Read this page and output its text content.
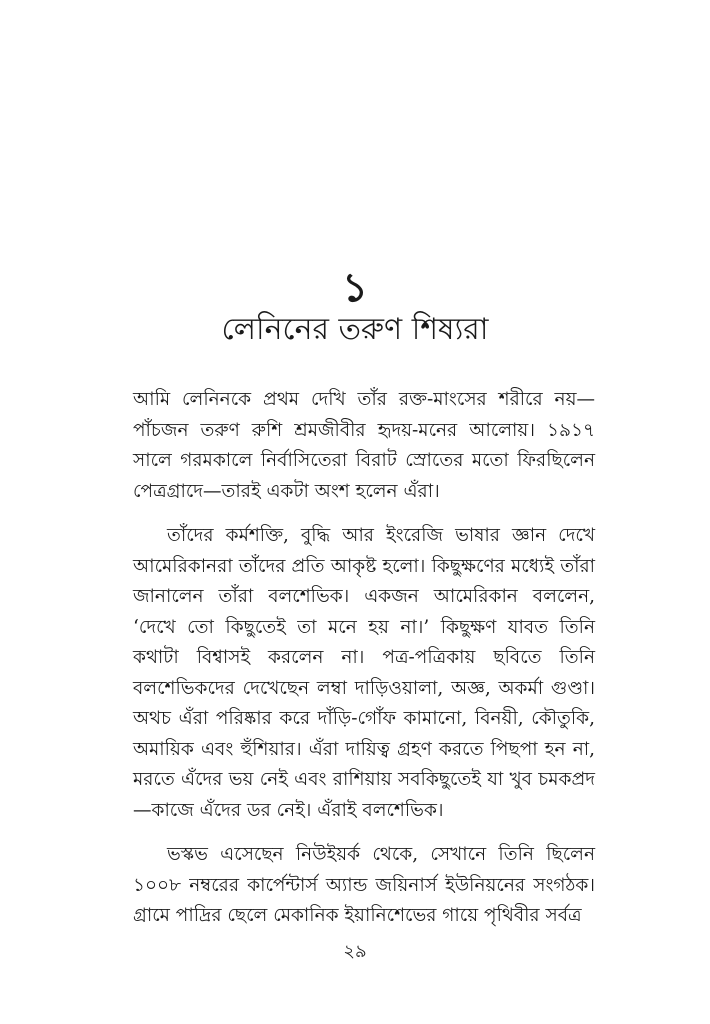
১
লেনিনের তরুণ শিষ্যরা

আমি লেনিনকে প্রথম দেখি তাঁর রক্ত-মাংসের শরীরে নয়—পাঁচজন তরুণ রুশি শ্রমজীবীর হৃদয়-মনের আলোয়। ১৯১৭ সালে গরমকালে নির্বাসিতেরা বিরাট স্রোতের মতো ফিরছিলেন পেত্রগ্রাদে—তারই একটা অংশ হলেন এঁরা।

তাঁদের কর্মশক্তি, বুদ্ধি আর ইংরেজি ভাষার জ্ঞান দেখে আমেরিকানরা তাঁদের প্রতি আকৃষ্ট হলো। কিছুক্ষণের মধ্যেই তাঁরা জানালেন তাঁরা বলশেভিক। একজন আমেরিকান বললেন, ‘দেখে তো কিছুতেই তা মনে হয় না।’ কিছুক্ষণ যাবত তিনি কথাটা বিশ্বাসই করলেন না। পত্র-পত্রিকায় ছবিতে তিনি বলশেভিকদের দেখেছেন লম্বা দাড়িওয়ালা, অজ্ঞ, অকর্মা গুণ্ডা। অথচ এঁরা পরিষ্কার করে দাঁড়ি-গোঁফ কামানো, বিনয়ী, কৌতুকি, অমায়িক এবং হুঁশিয়ার। এঁরা দায়িত্ব গ্রহণ করতে পিছপা হন না, মরতে এঁদের ভয় নেই এবং রাশিয়ায় সবকিছুতেই যা খুব চমকপ্রদ—কাজে এঁদের ডর নেই। এঁরাই বলশেভিক।

ভস্কভ এসেছেন নিউইয়র্ক থেকে, সেখানে তিনি ছিলেন ১০০৮ নম্বরের কার্পেন্টার্স অ্যান্ড জয়িনার্স ইউনিয়নের সংগঠক। গ্রামে পাদ্রির ছেলে মেকানিক ইয়ানিশেভের গায়ে পৃথিবীর সর্বত্র

২৯
